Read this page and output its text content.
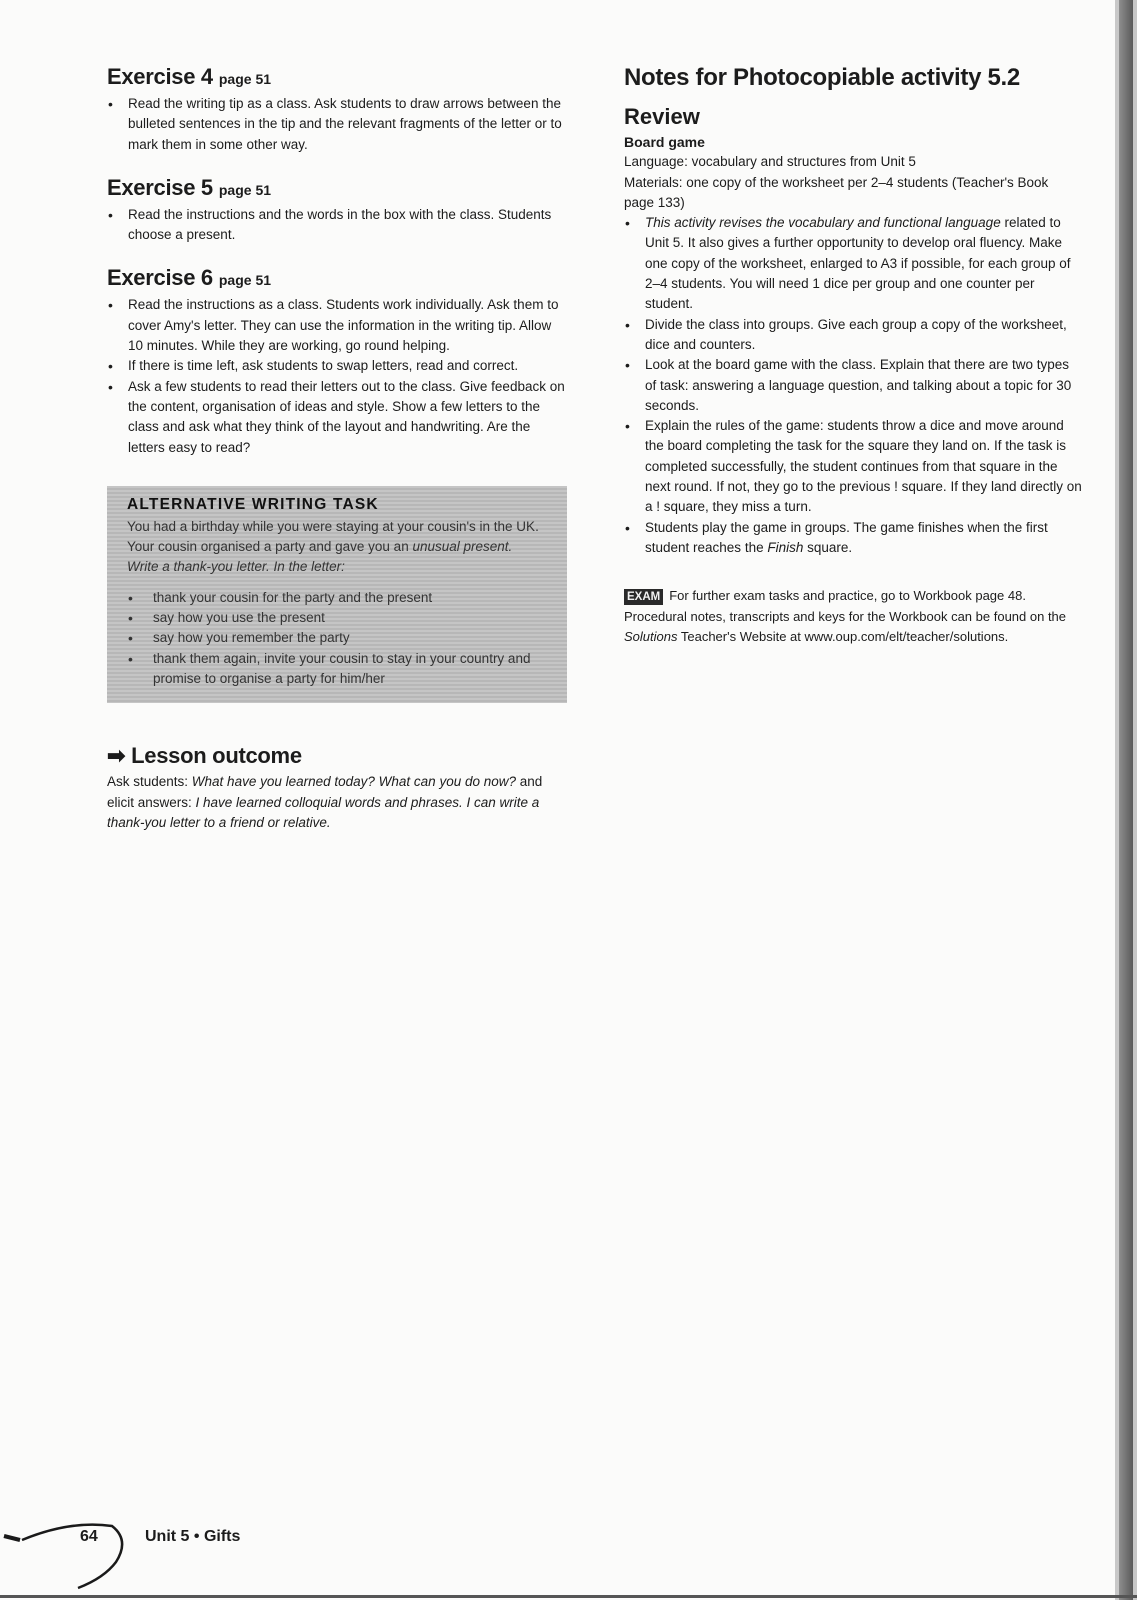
Exercise 4 page 51
• Read the writing tip as a class. Ask students to draw arrows between the bulleted sentences in the tip and the relevant fragments of the letter or to mark them in some other way.
Exercise 5 page 51
• Read the instructions and the words in the box with the class. Students choose a present.
Exercise 6 page 51
• Read the instructions as a class. Students work individually. Ask them to cover Amy's letter. They can use the information in the writing tip. Allow 10 minutes. While they are working, go round helping.
• If there is time left, ask students to swap letters, read and correct.
• Ask a few students to read their letters out to the class. Give feedback on the content, organisation of ideas and style. Show a few letters to the class and ask what they think of the layout and handwriting. Are the letters easy to read?
ALTERNATIVE WRITING TASK

You had a birthday while you were staying at your cousin's in the UK. Your cousin organised a party and gave you an unusual present. Write a thank-you letter. In the letter:

• thank your cousin for the party and the present
• say how you use the present
• say how you remember the party
• thank them again, invite your cousin to stay in your country and promise to organise a party for him/her
➡ Lesson outcome

Ask students: What have you learned today? What can you do now? and elicit answers: I have learned colloquial words and phrases. I can write a thank-you letter to a friend or relative.

Notes for Photocopiable activity 5.2
Review
Board game
Language: vocabulary and structures from Unit 5
Materials: one copy of the worksheet per 2–4 students (Teacher's Book page 133)
• This activity revises the vocabulary and functional language related to Unit 5. It also gives a further opportunity to develop oral fluency. Make one copy of the worksheet, enlarged to A3 if possible, for each group of 2–4 students. You will need 1 dice per group and one counter per student.
• Divide the class into groups. Give each group a copy of the worksheet, dice and counters.
• Look at the board game with the class. Explain that there are two types of task: answering a language question, and talking about a topic for 30 seconds.
• Explain the rules of the game: students throw a dice and move around the board completing the task for the square they land on. If the task is completed successfully, the student continues from that square in the next round. If not, they go to the previous ! square. If they land directly on a ! square, they miss a turn.
• Students play the game in groups. The game finishes when the first student reaches the Finish square.
EXAM For further exam tasks and practice, go to Workbook page 48. Procedural notes, transcripts and keys for the Workbook can be found on the Solutions Teacher's Website at www.oup.com/elt/teacher/solutions.
64	Unit 5 • Gifts
